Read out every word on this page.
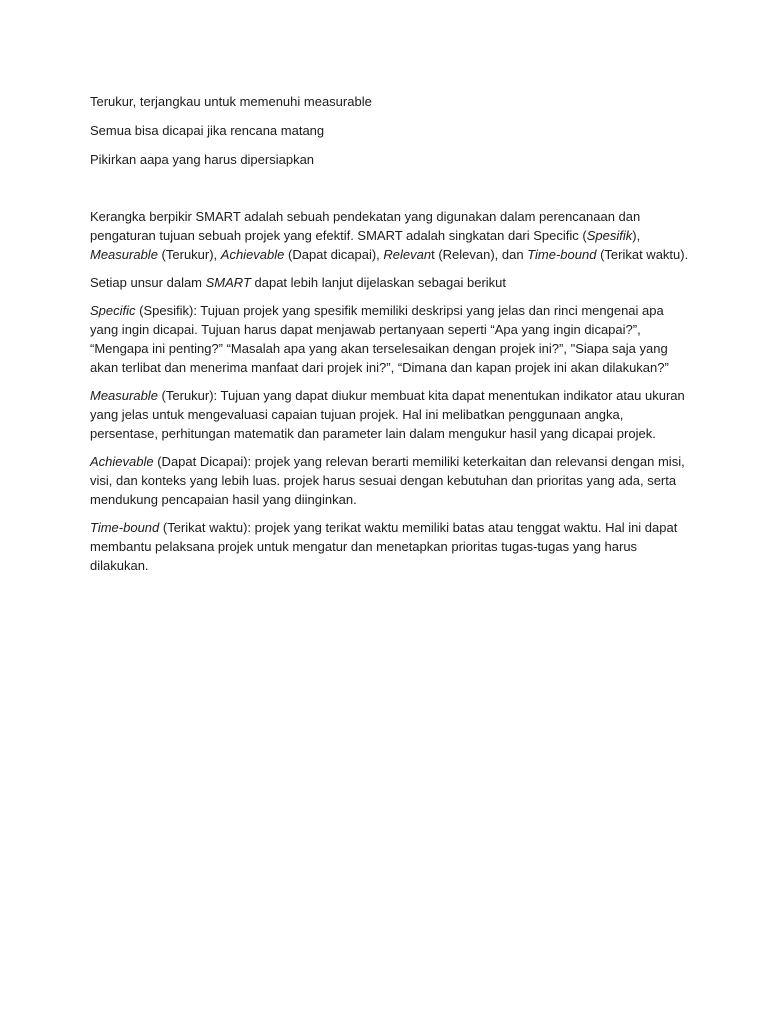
Terukur, terjangkau untuk memenuhi measurable

Semua bisa dicapai jika rencana matang

Pikirkan aapa yang harus dipersiapkan

Kerangka berpikir SMART adalah sebuah pendekatan yang digunakan dalam perencanaan dan pengaturan tujuan sebuah projek yang efektif. SMART adalah singkatan dari Specific (Spesifik), Measurable (Terukur), Achievable (Dapat dicapai), Relevant (Relevan), dan Time-bound (Terikat waktu).

Setiap unsur dalam SMART dapat lebih lanjut dijelaskan sebagai berikut

Specific (Spesifik): Tujuan projek yang spesifik memiliki deskripsi yang jelas dan rinci mengenai apa yang ingin dicapai. Tujuan harus dapat menjawab pertanyaan seperti “Apa yang ingin dicapai?”, “Mengapa ini penting?” “Masalah apa yang akan terselesaikan dengan projek ini?”, "Siapa saja yang akan terlibat dan menerima manfaat dari projek ini?”, “Dimana dan kapan projek ini akan dilakukan?”

Measurable (Terukur): Tujuan yang dapat diukur membuat kita dapat menentukan indikator atau ukuran yang jelas untuk mengevaluasi capaian tujuan projek. Hal ini melibatkan penggunaan angka, persentase, perhitungan matematik dan parameter lain dalam mengukur hasil yang dicapai projek.

Achievable (Dapat Dicapai): projek yang relevan berarti memiliki keterkaitan dan relevansi dengan misi, visi, dan konteks yang lebih luas. projek harus sesuai dengan kebutuhan dan prioritas yang ada, serta mendukung pencapaian hasil yang diinginkan.

Time-bound (Terikat waktu): projek yang terikat waktu memiliki batas atau tenggat waktu. Hal ini dapat membantu pelaksana projek untuk mengatur dan menetapkan prioritas tugas-tugas yang harus dilakukan.
